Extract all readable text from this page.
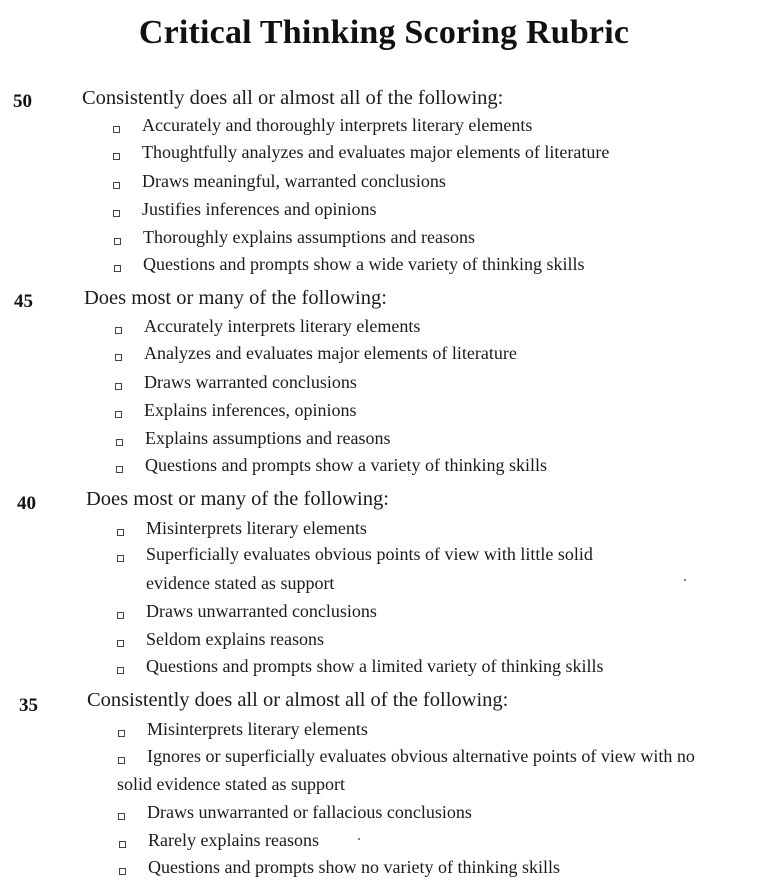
Critical Thinking Scoring Rubric
50 Consistently does all or almost all of the following:
Accurately and thoroughly interprets literary elements
Thoughtfully analyzes and evaluates major elements of literature
Draws meaningful, warranted conclusions
Justifies inferences and opinions
Thoroughly explains assumptions and reasons
Questions and prompts show a wide variety of thinking skills
45 Does most or many of the following:
Accurately interprets literary elements
Analyzes and evaluates major elements of literature
Draws warranted conclusions
Explains inferences, opinions
Explains assumptions and reasons
Questions and prompts show a variety of thinking skills
40 Does most or many of the following:
Misinterprets literary elements
Superficially evaluates obvious points of view with little solid
evidence stated as support
Draws unwarranted conclusions
Seldom explains reasons
Questions and prompts show a limited variety of thinking skills
35 Consistently does all or almost all of the following:
Misinterprets literary elements
Ignores or superficially evaluates obvious alternative points of view with no
solid evidence stated as support
Draws unwarranted or fallacious conclusions
Rarely explains reasons
Questions and prompts show no variety of thinking skills
